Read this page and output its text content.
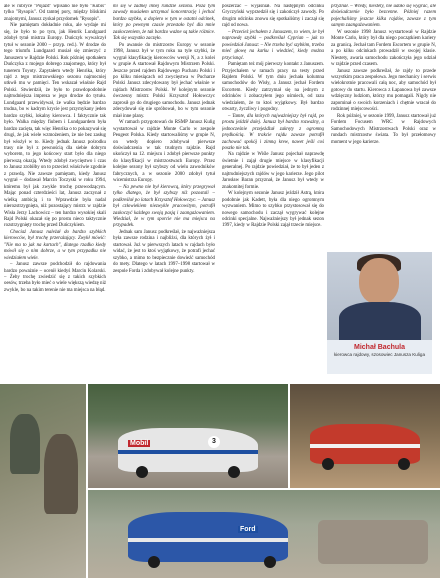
ale w rubryce "Pojazd" wpisano nie było "Kubiś" tylko "Rysopis". Od tamtej pory, między bliskimi znajomymi, Janusz zyskał przydomek "Rysopis".

Nie pamiętam dokładnie roku, ale wydaje mi się, że było to po tym, jak Henrik Lundgaard zdobył tytuł mistrza Europy. Duńczyk wywalczył tytuł w sezonie 2000 – przyp. red.). W drodze do tego triumfu Lundgaard musiał się zmierzyć z Januszem w Rajdzie Polski. Rok później spotkałem Duńczyka z mojego dobrego znajomego, który był tunerem Toyoty. Zapytałem wtedy Henrika, który rajd z tego mistrzowskiego sezonu najmocniej utkwił mu w pamięci. Ten wskazał właśnie Rajd Polski. Stwierdził, że było to prawdopodobnie najtrudniejsza impreza w jego drodze do tytułu. Lundgaard przewidywał, że walka będzie bardzo trudna, bo w kadrym krycie jest przymykany jeden bardzo szybki, lokalny kierowca. I faktycznie tak było. Walka między fiubem i Lundgaardem była bardzo zacięta, tak więc Henrika o to pokazywał się drugi, że jak wiele wzmożeniem, że nie bez zasług był włożył w to. Kiedy jednak Janusz pośrodku trasy nie był z pewnością dla siebie dobrym wyborem, to jego końcowy start było dla niego pierwszą okazją. Wtedy zdobył zwycięstwo i czas to Janusz zrobiłby on to przecież właściwie zgodnie z prawdą. Nie zawsze pamiętam, kiedy Janusz wygrał – dodawał Marcin Toczyski w roku 1994, któremu był jak zwykle trochę przewodzącym. Mając ponad czterdzieści lat, Janusz zaczynał z wielką ambicją i to Wprawdzie była nadal nierozstrzygnięta, niż pozostający mistrz w rajdzie Wisła Jerzy Lachowicz – ten bardzo wysokiej skali Rajd Polski okazał się po prostu nieco taktycznie rozstrzygnięty trochę przed Duńczykiem.

Chociaż Janusz należał do bardzo szybkich kierowców, był trochę przerażający. Zwykł mówić: "Nie ma to jak na kartach", dlatego rzadko kiedy mówił się o nim dobrze, a w tym przypadku nie wiedziałem wiele.

– Janusz zawsze podchodził do rajdowania bardzo poważnie – ocenił kiedyś Marcin Kolarski. – Żeby trochę zwiedzić się z takich szybkich oesów, trzeba było mieć o wiele większą wiedzę niż zwykle, bo na takim terenie nie ma miejsca na błąd.

mi się w żadnej innej rundzie sezonu. Poza tym zawody musiałem utrzymać koncentrację i jechać bardzo szybko, a dopiero w tym w ostatni odcinek, który po pewnym czasie przestało być dla mnie zaskoczeniem, że tak bardzo ważne są takie różnice. Tak się wszystko zaczęło.

Po awansie do mistrzostw Europy w sezonie 1998, Janusz był w tym roku na tyle szybki, że wygrał klasyfikację kierowców wersji N, a z kolei w grupie A startował Rajdowym Mistrzem Polski. Jeszcze przed rajdem Rajdowego Pucharu Polski i po kilku miesiącach od zwycięstwa w Pucharze Polski Janusz zdecydowany był jechać właśnie w rajdach Mistrzostw Polski. W kolejnym sezonie ówczesny mistrz Polski Krzysztof Hołowczyc zaprosił go do drugiego samochodu. Janusz jednak zdecydował się nie spróbował, bo w tym sezonie miał inne plany.

W ramach przygotowań do RSMP Janusz Kulig wystartował w rajdzie Monte Carlo w zespole Peugeot Polska. Kiedy startowaliśmy w grupie N, on wtedy dopiero zdobywał pierwsze doświadczenia w tak trudnym rajdzie. Rajd ukończył na 12. miejscu i zdobył pierwsze punkty do klasyfikacji w mistrzostwach Europy. Przez kolejne sezony był szybszy od wielu zawodników fabrycznych, a w sezonie 2000 zdobył tytuł wicemistrza Europy.

– Na pewno nie był kierowcą, który przegrywał tylko dlatego, że był szybszy niż pozostali – podkreślał po latach Krzysztof Hołowczyc. – Janusz był człowiekiem niezwykle pracowitym, potrafił zaskoczyć każdego swoją pasją i zaangażowaniem. Wiedział, że w tym sporcie nie ma miejsca na przypadek.

Jednak sam Janusz podkreślał, że najważniejsza była zawsze rodzina i najbliżsi, dla których żył i startował. Już w pierwszych latach w rajdach było widać, że jest to ktoś wyjątkowy, że potrafi jechać szybko, a mimo to bezpiecznie dowieźć samochód do mety. Dlatego w latach 1997–1998 startował w zespole Forda i zdobywał kolejne punkty.

poszerzać – wyjaśniał. Na następnym odcinku Gryczyński wyprzedził się i zakończył zawody. Po drugim odcinku znowu się spotkaliśmy i zaczął się rajd od nowa.

– Przecież jechałem z Januszem, to wiem, że był naprawdę szybki – podkreślał Cyprian – jak to powiedział Janusz: – Nie trzeba być szybkim, trzeba mieć głowę na karku i wiedzieć, kiedy można przycisnąć.

Pamiętam też mój pierwszy kontakt z Januszem. Przyjechałem w ramach pracy na testy przed Rajdem Polski. W tym dniu jechała kolumna samochodów do Wisły, a Janusz jechał Fordem Escortem. Kiedy zatrzymał się na jednym z odcinków i zobaczyłem jego uśmiech, od razu wiedziałem, że to ktoś wyjątkowy. Był bardzo otwarty, życzliwy i pogodny.

– Tamte, dla których najważniejszy był rajd, po prostu jeździł dalej. Janusz był bardzo rozważny, a jednocześnie przejeżdżał zakręty z ogromną prędkością. W trakcie rajdu zawsze potrafił zachować spokój i zimną krew, nawet jeśli coś poszło nie tak.

Na rajdzie w Wiśle Janusz pojechał naprawdę świetnie i zajął drugie miejsce w klasyfikacji generalnej. Po rajdzie powiedział, że to był jeden z najtrudniejszych rajdów w jego karierze. Jego pilot Jarosław Baran przyznał, że Janusz był wtedy w znakomitej formie.

W kolejnym sezonie Janusz jeździł Astrą, która podobnie jak Kadett, była dla niego ogromnym wyzwaniem. Mimo to szybko przystosował się do nowego samochodu i zaczął wygrywać kolejne odcinki specjalne. Najważniejszy był jednak sezon 1997, kiedy w Rajdzie Polski zajął trzecie miejsce.

przyznał. – Wtedy, niestety, nie udało się wygrać, ale doświadczenie było bezcenne. Później razem pojechaliśmy jeszcze kilka rajdów, zawsze z tym samym zaangażowaniem.

W sezonie 1998 Janusz wystartował w Rajdzie Monte Carlo, który był dla niego początkiem kariery za granicą. Jechał tam Fordem Escortem w grupie N, a po kilku odcinkach prowadził w swojej klasie. Niestety, awaria samochodu zakończyła jego udział w rajdzie przed czasem.

Janusz zawsze podkreślał, że rajdy to przede wszystkim praca zespołowa. Jego mechanicy i serwis wielokrotnie pracowali całą noc, aby samochód był gotowy do startu. Kierowca z Łapanowa był zawsze wdzięczny ludziom, którzy mu pomagali. Nigdy nie zapominał o swoich korzeniach i chętnie wracał do rodzinnej miejscowości.

Rok później, w sezonie 1999, Janusz startował już Fordem Focusem WRC w Rajdowych Samochodowych Mistrzostwach Polski oraz w rundach mistrzostw świata. To był przełomowy moment w jego karierze.

Michał Bachula
kierowca rajdowy, szosowiec Janusza Kuliga
Mobil	3
Ford
